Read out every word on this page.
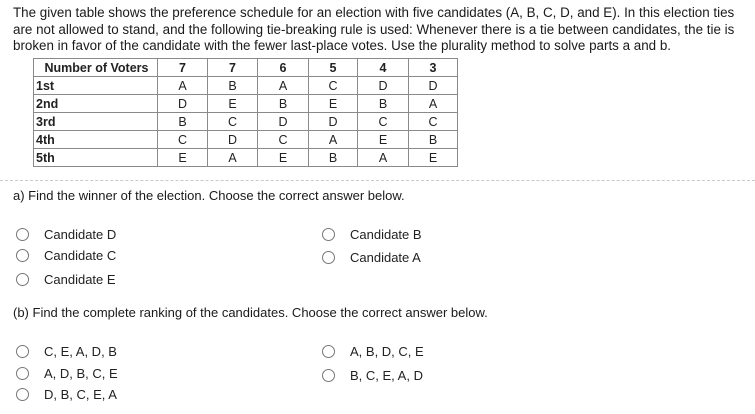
The given table shows the preference schedule for an election with five candidates (A, B, C, D, and E). In this election ties are not allowed to stand, and the following tie-breaking rule is used: Whenever there is a tie between candidates, the tie is broken in favor of the candidate with the fewer last-place votes. Use the plurality method to solve parts a and b.
Number of Voters	7	7	6	5	4	3
1st	A	B	A	C	D	D
2nd	D	E	B	E	B	A
3rd	B	C	D	D	C	C
4th	C	D	C	A	E	B
5th	E	A	E	B	A	E
a) Find the winner of the election. Choose the correct answer below.
Candidate D	Candidate B
Candidate C	Candidate A
Candidate E
(b) Find the complete ranking of the candidates. Choose the correct answer below.
C, E, A, D, B	A, B, D, C, E
A, D, B, C, E	B, C, E, A, D
D, B, C, E, A
